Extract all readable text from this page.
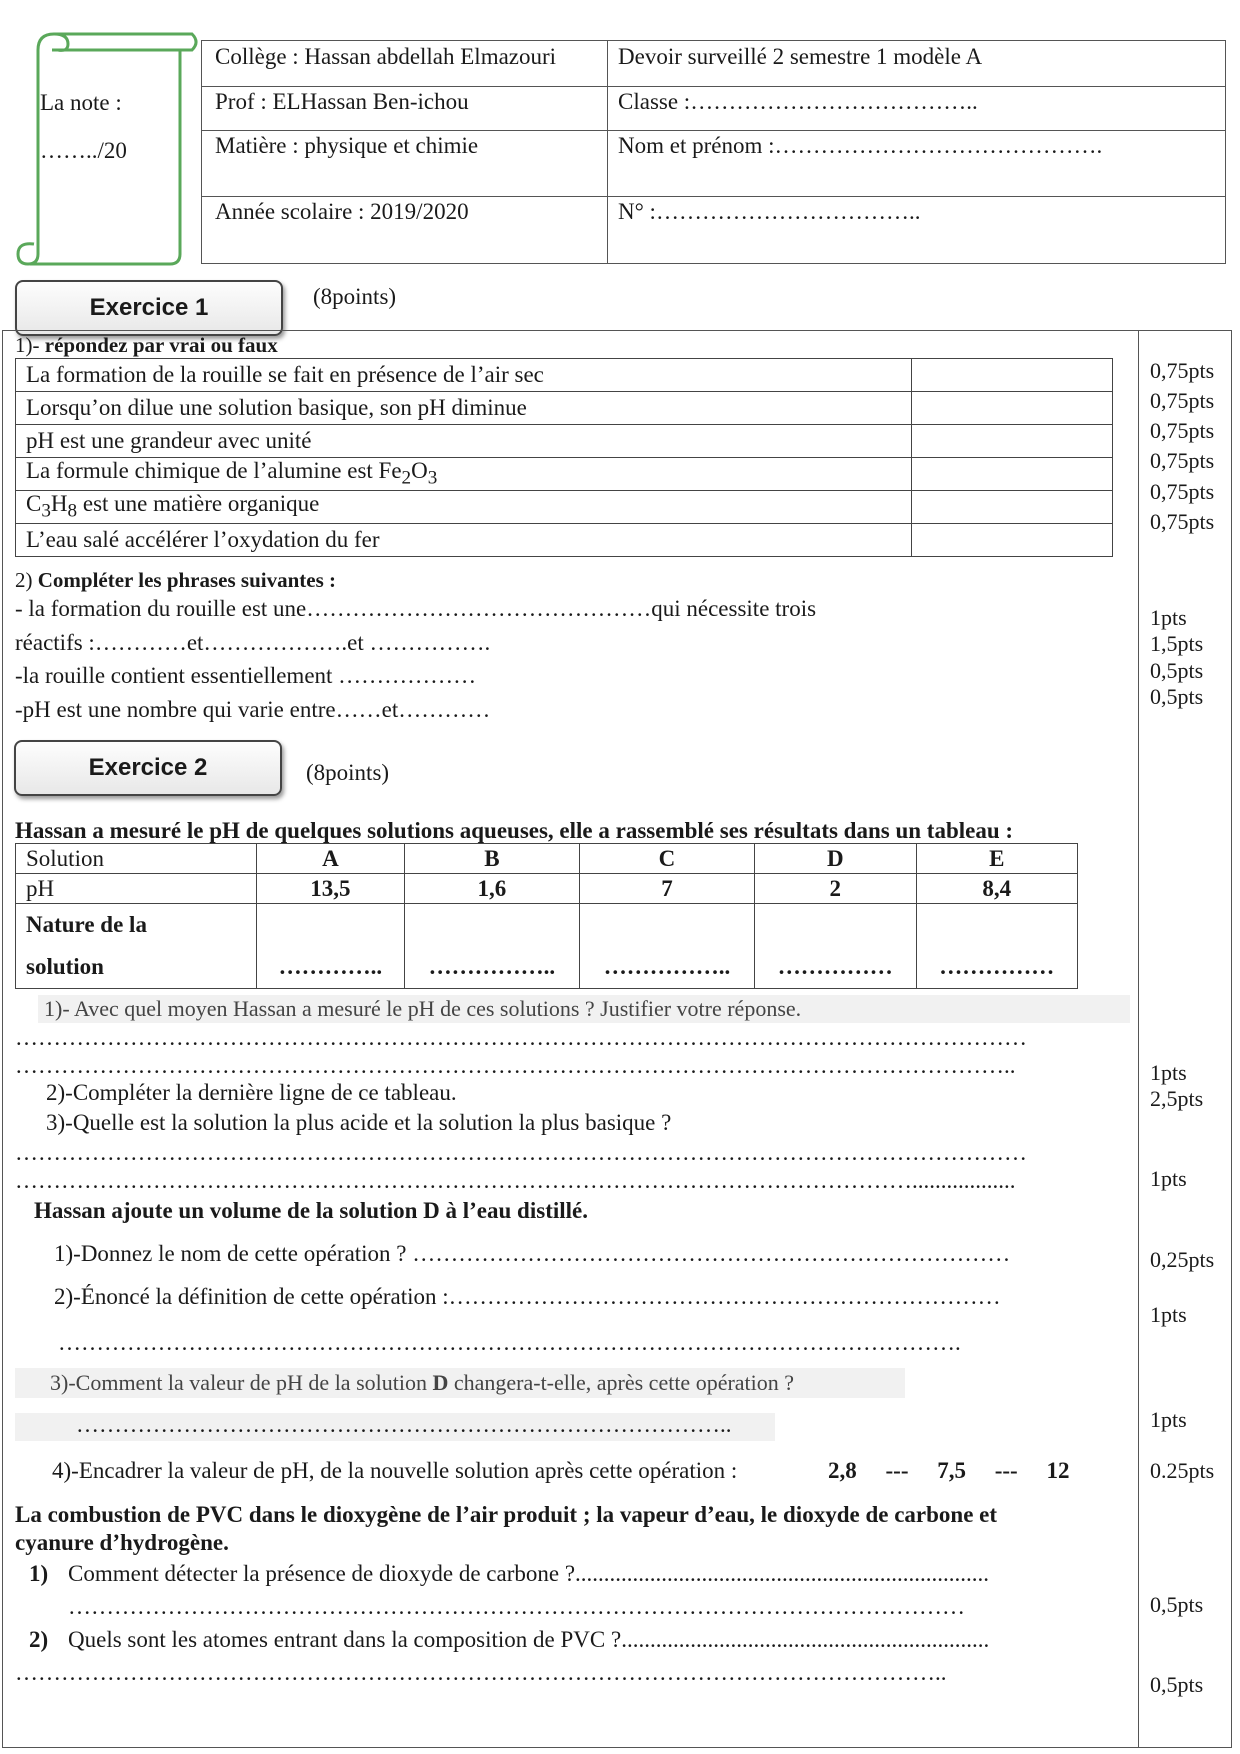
La note :
……../20
Collège : Hassan abdellah Elmazouri	Devoir surveillé 2 semestre 1 modèle A
Prof : ELHassan Ben-ichou	Classe :………………………………..
Matière : physique et chimie	Nom et prénom :…………………………………….
Année scolaire : 2019/2020	N° :……………………………..
Exercice 1	(8points)
1)- répondez par vrai ou faux
La formation de la rouille se fait en présence de l’air sec	
Lorsqu’on dilue une solution basique, son pH diminue	
pH est une grandeur avec unité	
La formule chimique de l’alumine est $Fe_2O_3$	
$C_3H_8$ est une matière organique	
L’eau salé accélérer l’oxydation du fer	
0,75pts
0,75pts
0,75pts
0,75pts
0,75pts
0,75pts
2) Compléter les phrases suivantes :
- la formation du rouille est une………………………………………qui nécessite trois
réactifs :…………et……………….et …………….
-la rouille contient essentiellement ………………
-pH est une nombre qui varie entre……et…………
1pts
1,5pts
0,5pts
0,5pts
Exercice 2	(8points)
Hassan a mesuré le pH de quelques solutions aqueuses, elle a rassemblé ses résultats dans un tableau :
Solution	A	B	C	D	E
pH	13,5	1,6	7	2	8,4

Nature de la
solution	…………..	……………..	……………..	……………	……………
1)- Avec quel moyen Hassan a mesuré le pH de ces solutions ? Justifier votre réponse.
……………………………………………………………………………………………………………………
…………………………………………………………………………………………………………………..
2)-Compléter la dernière ligne de ce tableau.
3)-Quelle est la solution la plus acide et la solution la plus basique ?
……………………………………………………………………………………………………………………
………………………………………………………………………………………………………..................
1pts
2,5pts
1pts
Hassan ajoute un volume de la solution D à l’eau distillé.
1)-Donnez le nom de cette opération ? ……………………………………………………………………	0,25pts
2)-Énoncé la définition de cette opération :………………………………………………………………
1pts
……………………………………………………………………………………………………….
3)-Comment la valeur de pH de la solution D changera-t-elle, après cette opération ?
…………………………………………………………………………..	1pts
4)-Encadrer la valeur de pH, de la nouvelle solution après cette opération :	2,8     ---     7,5     ---     12	0.25pts
La combustion de PVC dans le dioxygène de l’air produit ; la vapeur d’eau, le dioxyde de carbone et
cyanure d’hydrogène.
1) Comment détecter la présence de dioxyde de carbone ?........................................................................
………………………………………………………………………………………………………	0,5pts
2) Quels sont les atomes entrant dans la composition de PVC ?................................................................
…………………………………………………………………………………………………………..	0,5pts
